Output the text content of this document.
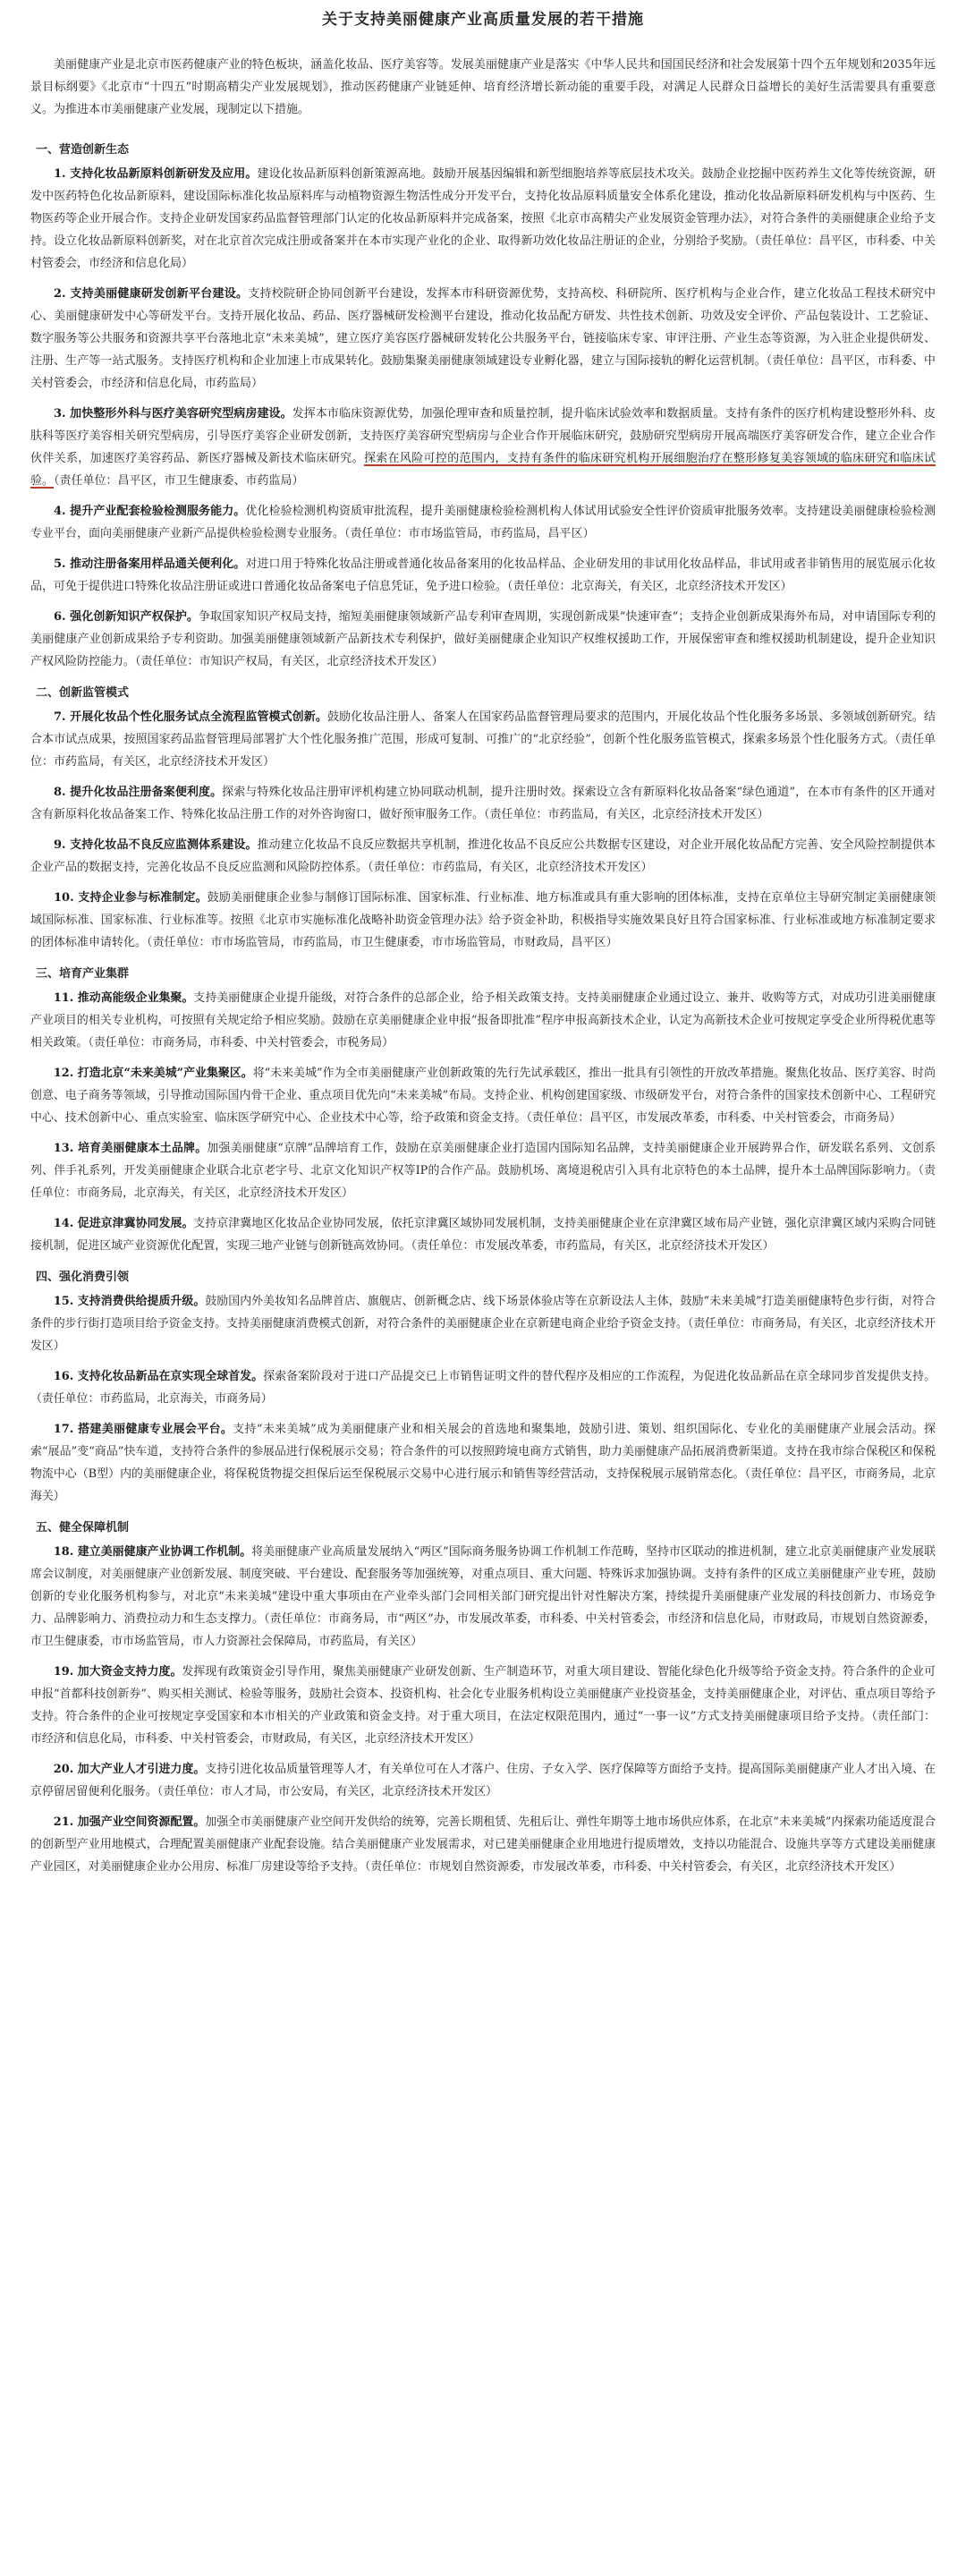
关于支持美丽健康产业高质量发展的若干措施

美丽健康产业是北京市医药健康产业的特色板块，涵盖化妆品、医疗美容等。发展美丽健康产业是落实《中华人民共和国国民经济和社会发展第十四个五年规划和2035年远景目标纲要》《北京市“十四五”时期高精尖产业发展规划》，推动医药健康产业链延伸、培育经济增长新动能的重要手段，对满足人民群众日益增长的美好生活需要具有重要意义。为推进本市美丽健康产业发展，现制定以下措施。

一、营造创新生态

1. 支持化妆品新原料创新研发及应用。建设化妆品新原料创新策源高地。鼓励开展基因编辑和新型细胞培养等底层技术攻关。鼓励企业挖掘中医药养生文化等传统资源，研发中医药特色化妆品新原料，建设国际标准化妆品原料库与动植物资源生物活性成分开发平台，支持化妆品原料质量安全体系化建设，推动化妆品新原料研发机构与中医药、生物医药等企业开展合作。支持企业研发国家药品监督管理部门认定的化妆品新原料并完成备案，按照《北京市高精尖产业发展资金管理办法》，对符合条件的美丽健康企业给予支持。设立化妆品新原料创新奖，对在北京首次完成注册或备案并在本市实现产业化的企业、取得新功效化妆品注册证的企业，分别给予奖励。（责任单位：昌平区，市科委、中关村管委会，市经济和信息化局）

2. 支持美丽健康研发创新平台建设。支持校院研企协同创新平台建设，发挥本市科研资源优势，支持高校、科研院所、医疗机构与企业合作，建立化妆品工程技术研究中心、美丽健康研发中心等研发平台。支持开展化妆品、药品、医疗器械研发检测平台建设，推动化妆品配方研发、共性技术创新、功效及安全评价、产品包装设计、工艺验证、数字服务等公共服务和资源共享平台落地北京“未来美城”，建立医疗美容医疗器械研发转化公共服务平台，链接临床专家、审评注册、产业生态等资源，为入驻企业提供研发、注册、生产等一站式服务。支持医疗机构和企业加速上市成果转化。鼓励集聚美丽健康领域建设专业孵化器，建立与国际接轨的孵化运营机制。（责任单位：昌平区，市科委、中关村管委会，市经济和信息化局，市药监局）

3. 加快整形外科与医疗美容研究型病房建设。发挥本市临床资源优势，加强伦理审查和质量控制，提升临床试验效率和数据质量。支持有条件的医疗机构建设整形外科、皮肤科等医疗美容相关研究型病房，引导医疗美容企业研发创新，支持医疗美容研究型病房与企业合作开展临床研究，鼓励研究型病房开展高端医疗美容研发合作，建立企业合作伙伴关系，加速医疗美容药品、新医疗器械及新技术临床研究。探索在风险可控的范围内，支持有条件的临床研究机构开展细胞治疗在整形修复美容领域的临床研究和临床试验。（责任单位：昌平区，市卫生健康委、市药监局）

4. 提升产业配套检验检测服务能力。优化检验检测机构资质审批流程，提升美丽健康检验检测机构人体试用试验安全性评价资质审批服务效率。支持建设美丽健康检验检测专业平台，面向美丽健康产业新产品提供检验检测专业服务。（责任单位：市市场监管局，市药监局，昌平区）

5. 推动注册备案用样品通关便利化。对进口用于特殊化妆品注册或普通化妆品备案用的化妆品样品、企业研发用的非试用化妆品样品，非试用或者非销售用的展览展示化妆品，可免于提供进口特殊化妆品注册证或进口普通化妆品备案电子信息凭证，免予进口检验。（责任单位：北京海关，有关区，北京经济技术开发区）

6. 强化创新知识产权保护。争取国家知识产权局支持，缩短美丽健康领域新产品专利审查周期，实现创新成果“快速审查”；支持企业创新成果海外布局，对申请国际专利的美丽健康产业创新成果给予专利资助。加强美丽健康领域新产品新技术专利保护，做好美丽健康企业知识产权维权援助工作，开展保密审查和维权援助机制建设，提升企业知识产权风险防控能力。（责任单位：市知识产权局，有关区，北京经济技术开发区）

二、创新监管模式

7. 开展化妆品个性化服务试点全流程监管模式创新。鼓励化妆品注册人、备案人在国家药品监督管理局要求的范围内，开展化妆品个性化服务多场景、多领域创新研究。结合本市试点成果，按照国家药品监督管理局部署扩大个性化服务推广范围，形成可复制、可推广的“北京经验”，创新个性化服务监管模式，探索多场景个性化服务方式。（责任单位：市药监局，有关区，北京经济技术开发区）

8. 提升化妆品注册备案便利度。探索与特殊化妆品注册审评机构建立协同联动机制，提升注册时效。探索设立含有新原料化妆品备案“绿色通道”，在本市有条件的区开通对含有新原料化妆品备案工作、特殊化妆品注册工作的对外咨询窗口，做好预审服务工作。（责任单位：市药监局，有关区，北京经济技术开发区）

9. 支持化妆品不良反应监测体系建设。推动建立化妆品不良反应数据共享机制，推进化妆品不良反应公共数据专区建设，对企业开展化妆品配方完善、安全风险控制提供本企业产品的数据支持，完善化妆品不良反应监测和风险防控体系。（责任单位：市药监局，有关区，北京经济技术开发区）

10. 支持企业参与标准制定。鼓励美丽健康企业参与制修订国际标准、国家标准、行业标准、地方标准或具有重大影响的团体标准，支持在京单位主导研究制定美丽健康领域国际标准、国家标准、行业标准等。按照《北京市实施标准化战略补助资金管理办法》给予资金补助，积极指导实施效果良好且符合国家标准、行业标准或地方标准制定要求的团体标准申请转化。（责任单位：市市场监管局，市药监局，市卫生健康委，市市场监管局，市财政局，昌平区）

三、培育产业集群

11. 推动高能级企业集聚。支持美丽健康企业提升能级，对符合条件的总部企业，给予相关政策支持。支持美丽健康企业通过设立、兼并、收购等方式，对成功引进美丽健康产业项目的相关专业机构，可按照有关规定给予相应奖励。鼓励在京美丽健康企业申报“报备即批准”程序申报高新技术企业，认定为高新技术企业可按规定享受企业所得税优惠等相关政策。（责任单位：市商务局，市科委、中关村管委会，市税务局）

12. 打造北京“未来美城”产业集聚区。将“未来美城”作为全市美丽健康产业创新政策的先行先试承载区，推出一批具有引领性的开放改革措施。聚焦化妆品、医疗美容、时尚创意、电子商务等领域，引导推动国际国内骨干企业、重点项目优先向“未来美城”布局。支持企业、机构创建国家级、市级研发平台，对符合条件的国家技术创新中心、工程研究中心、技术创新中心、重点实验室、临床医学研究中心、企业技术中心等，给予政策和资金支持。（责任单位：昌平区，市发展改革委，市科委、中关村管委会，市商务局）

13. 培育美丽健康本土品牌。加强美丽健康“京牌”品牌培育工作，鼓励在京美丽健康企业打造国内国际知名品牌，支持美丽健康企业开展跨界合作，研发联名系列、文创系列、伴手礼系列，开发美丽健康企业联合北京老字号、北京文化知识产权等IP的合作产品。鼓励机场、离境退税店引入具有北京特色的本土品牌，提升本土品牌国际影响力。（责任单位：市商务局，北京海关，有关区，北京经济技术开发区）

14. 促进京津冀协同发展。支持京津冀地区化妆品企业协同发展，依托京津冀区域协同发展机制，支持美丽健康企业在京津冀区域布局产业链，强化京津冀区域内采购合同链接机制，促进区域产业资源优化配置，实现三地产业链与创新链高效协同。（责任单位：市发展改革委，市药监局，有关区，北京经济技术开发区）

四、强化消费引领

15. 支持消费供给提质升级。鼓励国内外美妆知名品牌首店、旗舰店、创新概念店、线下场景体验店等在京新设法人主体，鼓励“未来美城”打造美丽健康特色步行街，对符合条件的步行街打造项目给予资金支持。支持美丽健康消费模式创新，对符合条件的美丽健康企业在京新建电商企业给予资金支持。（责任单位：市商务局，有关区，北京经济技术开发区）

16. 支持化妆品新品在京实现全球首发。探索备案阶段对于进口产品提交已上市销售证明文件的替代程序及相应的工作流程，为促进化妆品新品在京全球同步首发提供支持。（责任单位：市药监局，北京海关，市商务局）

17. 搭建美丽健康专业展会平台。支持“未来美城”成为美丽健康产业和相关展会的首选地和聚集地，鼓励引进、策划、组织国际化、专业化的美丽健康产业展会活动。探索“展品”变“商品”快车道，支持符合条件的参展品进行保税展示交易；符合条件的可以按照跨境电商方式销售，助力美丽健康产品拓展消费新渠道。支持在我市综合保税区和保税物流中心（B型）内的美丽健康企业，将保税货物提交担保后运至保税展示交易中心进行展示和销售等经营活动，支持保税展示展销常态化。（责任单位：昌平区，市商务局，北京海关）

五、健全保障机制

18. 建立美丽健康产业协调工作机制。将美丽健康产业高质量发展纳入“两区”国际商务服务协调工作机制工作范畴，坚持市区联动的推进机制，建立北京美丽健康产业发展联席会议制度，对美丽健康产业创新发展、制度突破、平台建设、配套服务等加强统筹，对重点项目、重大问题、特殊诉求加强协调。支持有条件的区成立美丽健康产业专班，鼓励创新的专业化服务机构参与，对北京“未来美城”建设中重大事项由在产业牵头部门会同相关部门研究提出针对性解决方案，持续提升美丽健康产业发展的科技创新力、市场竞争力、品牌影响力、消费拉动力和生态支撑力。（责任单位：市商务局，市“两区”办，市发展改革委，市科委、中关村管委会，市经济和信息化局，市财政局，市规划自然资源委，市卫生健康委，市市场监管局，市人力资源社会保障局，市药监局，有关区）

19. 加大资金支持力度。发挥现有政策资金引导作用，聚焦美丽健康产业研发创新、生产制造环节，对重大项目建设、智能化绿色化升级等给予资金支持。符合条件的企业可申报“首都科技创新券”、购买相关测试、检验等服务，鼓励社会资本、投资机构、社会化专业服务机构设立美丽健康产业投资基金，支持美丽健康企业，对评估、重点项目等给予支持。符合条件的企业可按规定享受国家和本市相关的产业政策和资金支持。对于重大项目，在法定权限范围内，通过“一事一议”方式支持美丽健康项目给予支持。（责任部门：市经济和信息化局，市科委、中关村管委会，市财政局，有关区，北京经济技术开发区）

20. 加大产业人才引进力度。支持引进化妆品质量管理等人才，有关单位可在人才落户、住房、子女入学、医疗保障等方面给予支持。提高国际美丽健康产业人才出入境、在京停留居留便利化服务。（责任单位：市人才局，市公安局，有关区，北京经济技术开发区）

21. 加强产业空间资源配置。加强全市美丽健康产业空间开发供给的统筹，完善长期租赁、先租后让、弹性年期等土地市场供应体系，在北京“未来美城”内探索功能适度混合的创新型产业用地模式，合理配置美丽健康产业配套设施。结合美丽健康产业发展需求，对已建美丽健康企业用地进行提质增效，支持以功能混合、设施共享等方式建设美丽健康产业园区，对美丽健康企业办公用房、标准厂房建设等给予支持。（责任单位：市规划自然资源委，市发展改革委，市科委、中关村管委会，有关区，北京经济技术开发区）
